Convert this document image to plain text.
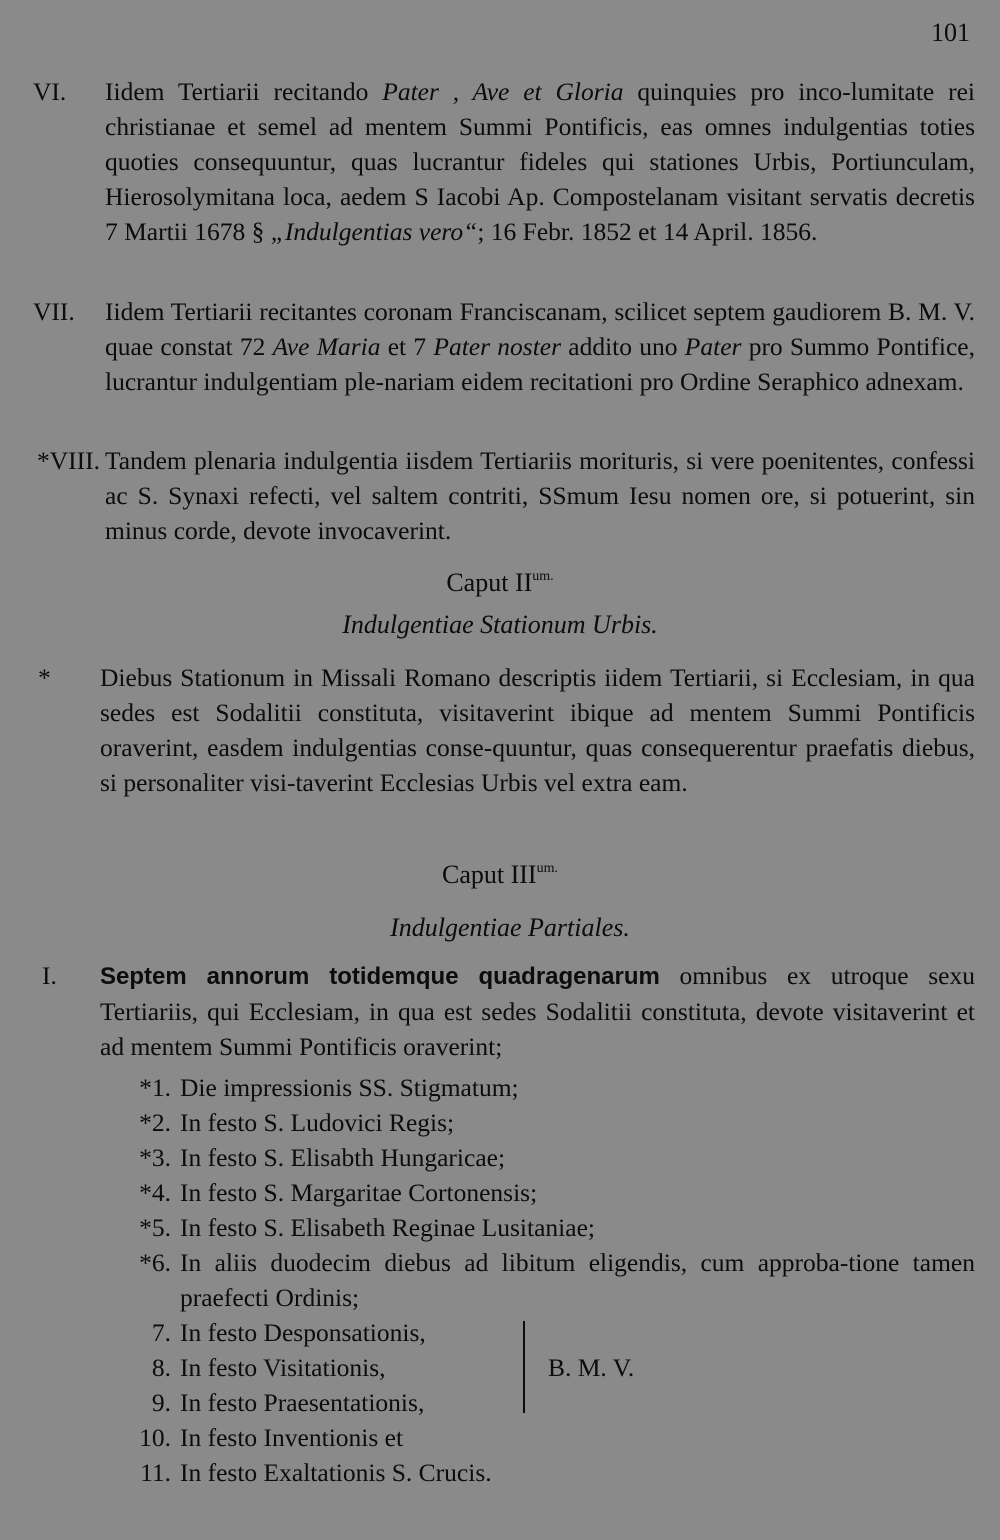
101
VI. Iidem Tertiarii recitando Pater , Ave et Gloria quinquies pro inco-lumitate rei christianae et semel ad mentem Summi Pontificis, eas omnes indulgentias toties quoties consequuntur, quas lucrantur fideles qui stationes Urbis, Portiunculam, Hierosolymitana loca, aedem S Iacobi Ap. Compostelanam visitant servatis decretis 7 Martii 1678 § „Indulgentias vero“; 16 Febr. 1852 et 14 April. 1856.
VII. Iidem Tertiarii recitantes coronam Franciscanam, scilicet septem gaudiorem B. M. V. quae constat 72 Ave Maria et 7 Pater noster addito uno Pater pro Summo Pontifice, lucrantur indulgentiam ple-nariam eidem recitationi pro Ordine Seraphico adnexam.
*VIII. Tandem plenaria indulgentia iisdem Tertiariis morituris, si vere poenitentes, confessi ac S. Synaxi refecti, vel saltem contriti, SSmum Iesu nomen ore, si potuerint, sin minus corde, devote invocaverint.
Caput $II^{um.}$
Indulgentiae Stationum Urbis.
* Diebus Stationum in Missali Romano descriptis iidem Tertiarii, si Ecclesiam, in qua sedes est Sodalitii constituta, visitaverint ibique ad mentem Summi Pontificis oraverint, easdem indulgentias conse-quuntur, quas consequerentur praefatis diebus, si personaliter visi-taverint Ecclesias Urbis vel extra eam.
Caput $III^{um.}$
Indulgentiae Partiales.
I. Septem annorum totidemque quadragenarum omnibus ex utroque sexu Tertiariis, qui Ecclesiam, in qua est sedes Sodalitii constituta, devote visitaverint et ad mentem Summi Pontificis oraverint;
*1. Die impressionis SS. Stigmatum;
*2. In festo S. Ludovici Regis;
*3. In festo S. Elisabth Hungaricae;
*4. In festo S. Margaritae Cortonensis;
*5. In festo S. Elisabeth Reginae Lusitaniae;
*6. In aliis duodecim diebus ad libitum eligendis, cum approba-tione tamen praefecti Ordinis;
7. In festo Desponsationis,
8. In festo Visitationis,
9. In festo Praesentationis,
B. M. V.
10. In festo Inventionis et
11. In festo Exaltationis S. Crucis.
